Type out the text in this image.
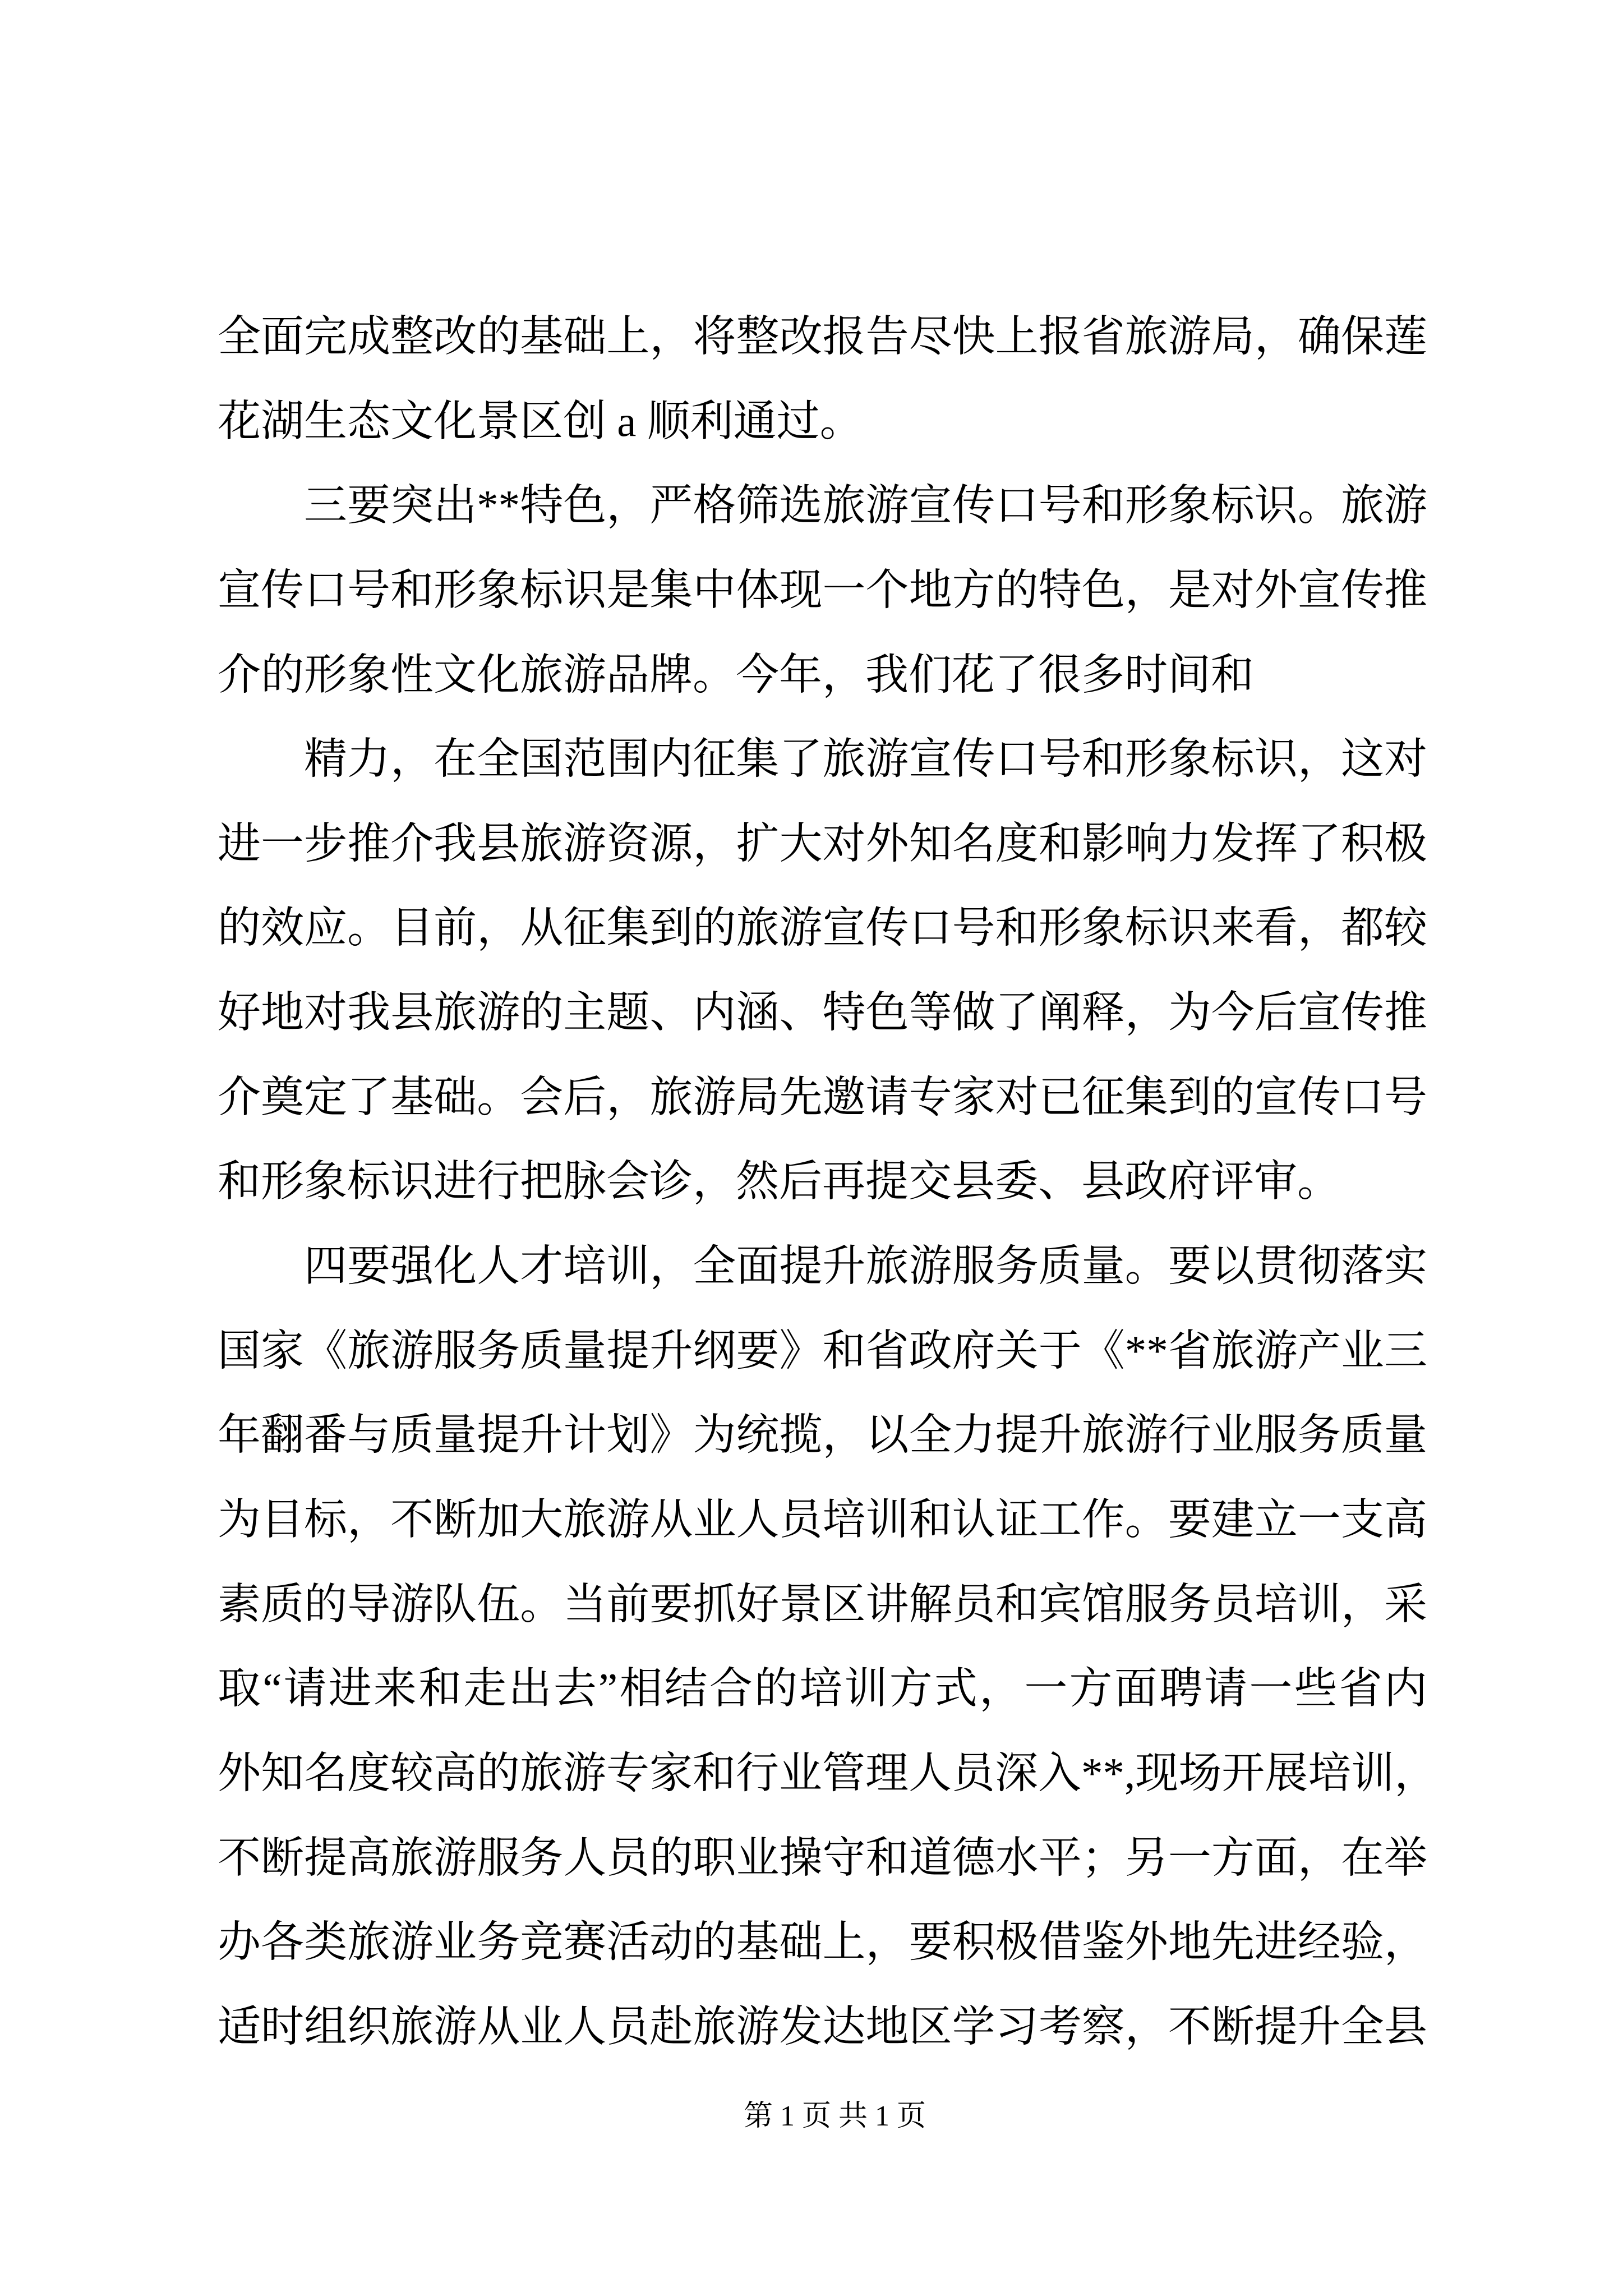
全面完成整改的基础上，将整改报告尽快上报省旅游局，确保莲
花湖生态文化景区创 a 顺利通过。
三要突出**特色，严格筛选旅游宣传口号和形象标识。旅游
宣传口号和形象标识是集中体现一个地方的特色，是对外宣传推
介的形象性文化旅游品牌。今年，我们花了很多时间和
精力，在全国范围内征集了旅游宣传口号和形象标识，这对
进一步推介我县旅游资源，扩大对外知名度和影响力发挥了积极
的效应。目前，从征集到的旅游宣传口号和形象标识来看，都较
好地对我县旅游的主题、内涵、特色等做了阐释，为今后宣传推
介奠定了基础。会后，旅游局先邀请专家对已征集到的宣传口号
和形象标识进行把脉会诊，然后再提交县委、县政府评审。
四要强化人才培训，全面提升旅游服务质量。要以贯彻落实
国家《旅游服务质量提升纲要》和省政府关于《**省旅游产业三
年翻番与质量提升计划》为统揽，以全力提升旅游行业服务质量
为目标，不断加大旅游从业人员培训和认证工作。要建立一支高
素质的导游队伍。当前要抓好景区讲解员和宾馆服务员培训，采
取“请进来和走出去”相结合的培训方式，一方面聘请一些省内
外知名度较高的旅游专家和行业管理人员深入**,现场开展培训，
不断提高旅游服务人员的职业操守和道德水平；另一方面，在举
办各类旅游业务竞赛活动的基础上，要积极借鉴外地先进经验，
适时组织旅游从业人员赴旅游发达地区学习考察，不断提升全县
第 1 页 共 1 页
